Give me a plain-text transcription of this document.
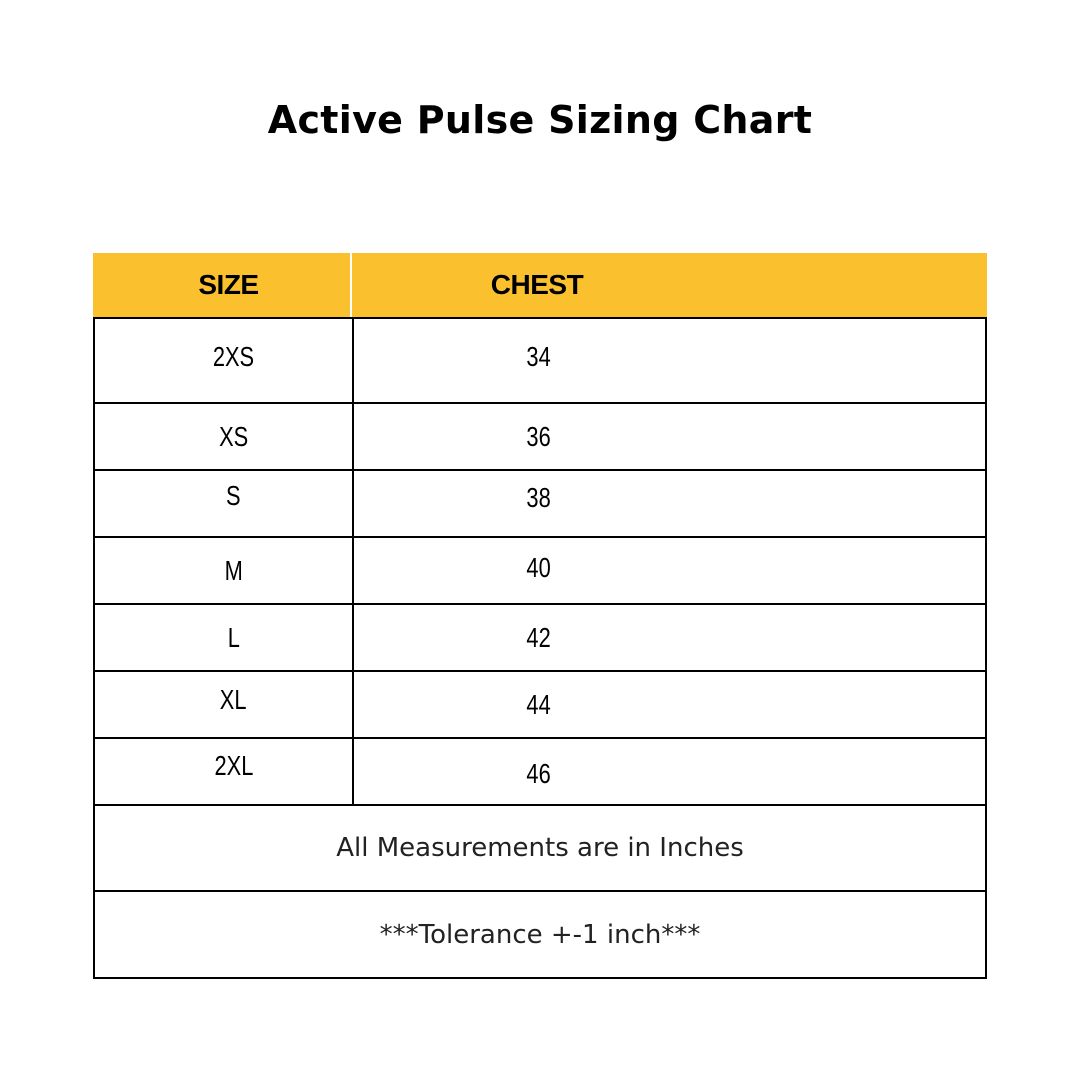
Active Pulse Sizing Chart
SIZE	CHEST
2XS	34
XS	36
S	38
M	40
L	42
XL	44
2XL	46
All Measurements are in Inches
***Tolerance +-1 inch***
